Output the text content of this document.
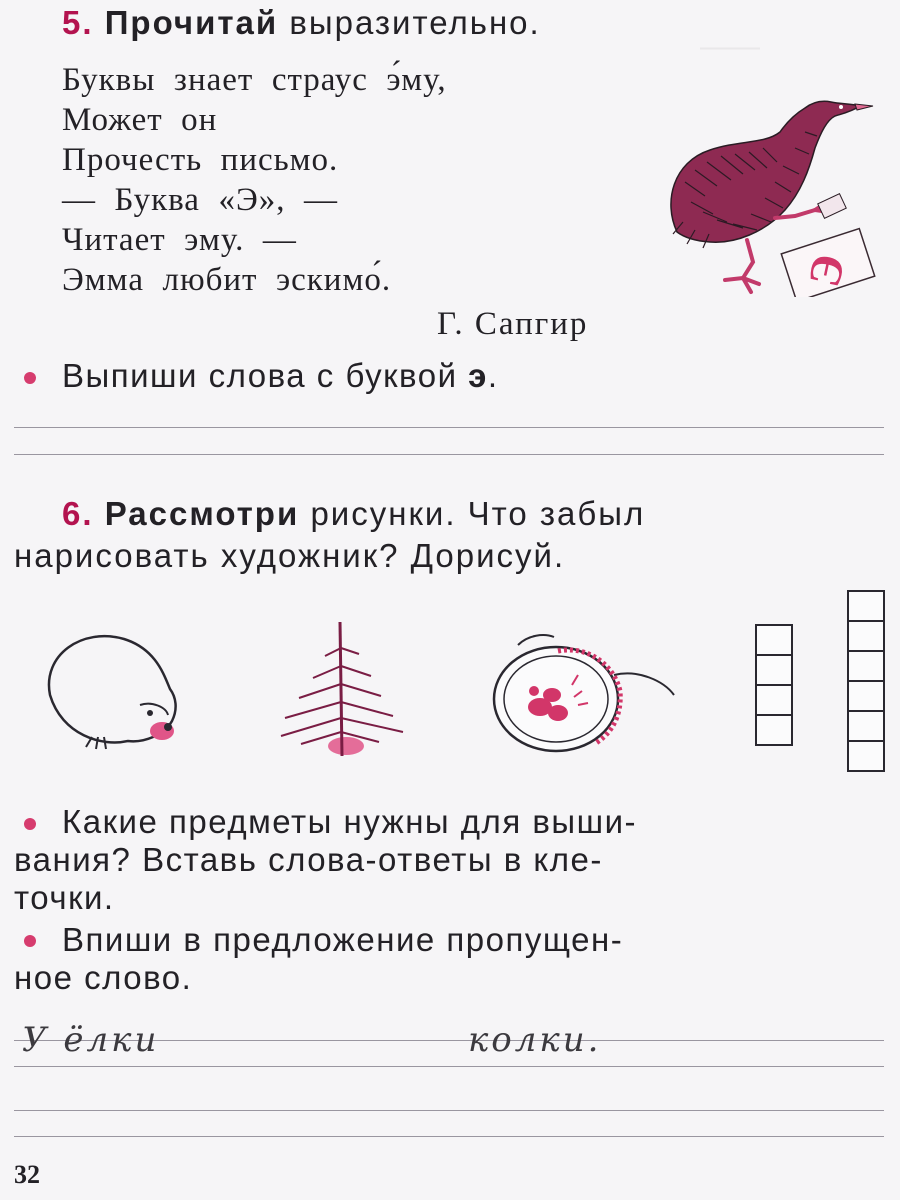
——
5. Прочитай выразительно.
Буквы  знает  страус  э́му,
Может  он
Прочесть  письмо.
—  Буква  «Э»,  —
Читает  эму.  —
Эмма  любит  эскимо́.
Г. Сапгир
Э
Выпиши слова с буквой э.
6. Рассмотри рисунки. Что забыл
нарисовать художник? Дорисуй.
Какие предметы нужны для выши-
вания? Вставь слова-ответы в кле-
точки.
Впиши в предложение пропущен-
ное слово.
У ёлки	колки.
32
